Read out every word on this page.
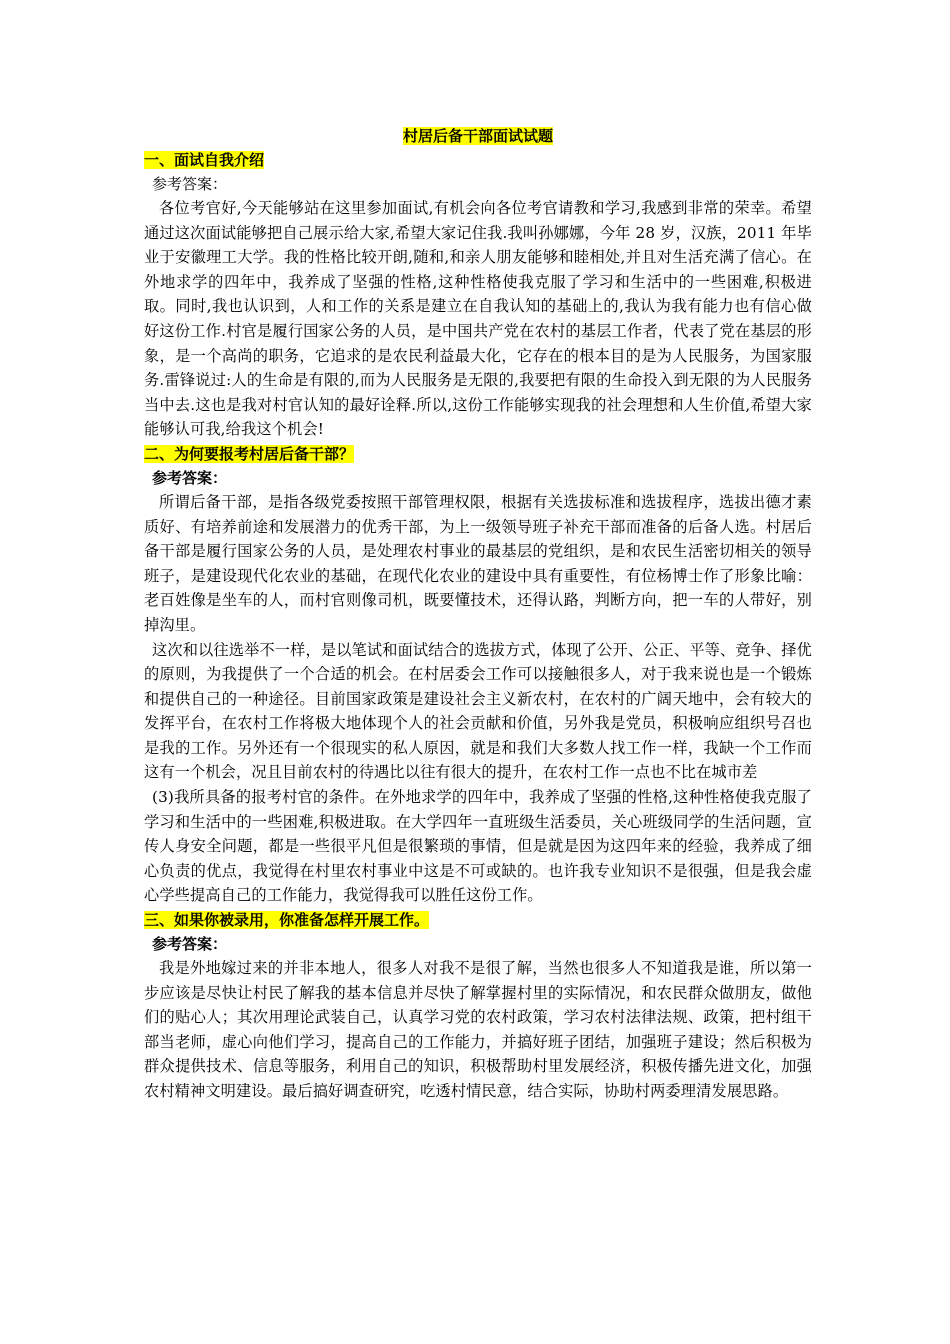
村居后备干部面试试题

一、面试自我介绍

参考答案：

各位考官好,今天能够站在这里参加面试,有机会向各位考官请教和学习,我感到非常的荣幸。希望通过这次面试能够把自己展示给大家,希望大家记住我.我叫孙娜娜，今年 28 岁，汉族，2011 年毕业于安徽理工大学。我的性格比较开朗,随和,和亲人朋友能够和睦相处,并且对生活充满了信心。在外地求学的四年中，我养成了坚强的性格,这种性格使我克服了学习和生活中的一些困难,积极进取。同时,我也认识到，人和工作的关系是建立在自我认知的基础上的,我认为我有能力也有信心做好这份工作.村官是履行国家公务的人员，是中国共产党在农村的基层工作者，代表了党在基层的形象，是一个高尚的职务，它追求的是农民利益最大化，它存在的根本目的是为人民服务，为国家服务.雷锋说过:人的生命是有限的,而为人民服务是无限的,我要把有限的生命投入到无限的为人民服务当中去.这也是我对村官认知的最好诠释.所以,这份工作能够实现我的社会理想和人生价值,希望大家能够认可我,给我这个机会!

二、为何要报考村居后备干部？

参考答案：

所谓后备干部，是指各级党委按照干部管理权限，根据有关选拔标准和选拔程序，选拔出德才素质好、有培养前途和发展潜力的优秀干部，为上一级领导班子补充干部而准备的后备人选。村居后备干部是履行国家公务的人员，是处理农村事业的最基层的党组织，是和农民生活密切相关的领导班子，是建设现代化农业的基础，在现代化农业的建设中具有重要性，有位杨博士作了形象比喻：老百姓像是坐车的人，而村官则像司机，既要懂技术，还得认路，判断方向，把一车的人带好，别掉沟里。

这次和以往选举不一样，是以笔试和面试结合的选拔方式，体现了公开、公正、平等、竞争、择优的原则，为我提供了一个合适的机会。在村居委会工作可以接触很多人，对于我来说也是一个锻炼和提供自己的一种途径。目前国家政策是建设社会主义新农村，在农村的广阔天地中，会有较大的发挥平台，在农村工作将极大地体现个人的社会贡献和价值，另外我是党员，积极响应组织号召也是我的工作。另外还有一个很现实的私人原因，就是和我们大多数人找工作一样，我缺一个工作而这有一个机会，况且目前农村的待遇比以往有很大的提升，在农村工作一点也不比在城市差

(3)我所具备的报考村官的条件。在外地求学的四年中，我养成了坚强的性格,这种性格使我克服了学习和生活中的一些困难,积极进取。在大学四年一直班级生活委员，关心班级同学的生活问题，宣传人身安全问题，都是一些很平凡但是很繁琐的事情，但是就是因为这四年来的经验，我养成了细心负责的优点，我觉得在村里农村事业中这是不可或缺的。也许我专业知识不是很强，但是我会虚心学些提高自己的工作能力，我觉得我可以胜任这份工作。

三、如果你被录用，你准备怎样开展工作。

参考答案：

我是外地嫁过来的并非本地人，很多人对我不是很了解，当然也很多人不知道我是谁，所以第一步应该是尽快让村民了解我的基本信息并尽快了解掌握村里的实际情况，和农民群众做朋友，做他们的贴心人；其次用理论武装自己，认真学习党的农村政策，学习农村法律法规、政策，把村组干部当老师，虚心向他们学习，提高自己的工作能力，并搞好班子团结，加强班子建设；然后积极为群众提供技术、信息等服务，利用自己的知识，积极帮助村里发展经济，积极传播先进文化，加强农村精神文明建设。最后搞好调查研究，吃透村情民意，结合实际，协助村两委理清发展思路。
